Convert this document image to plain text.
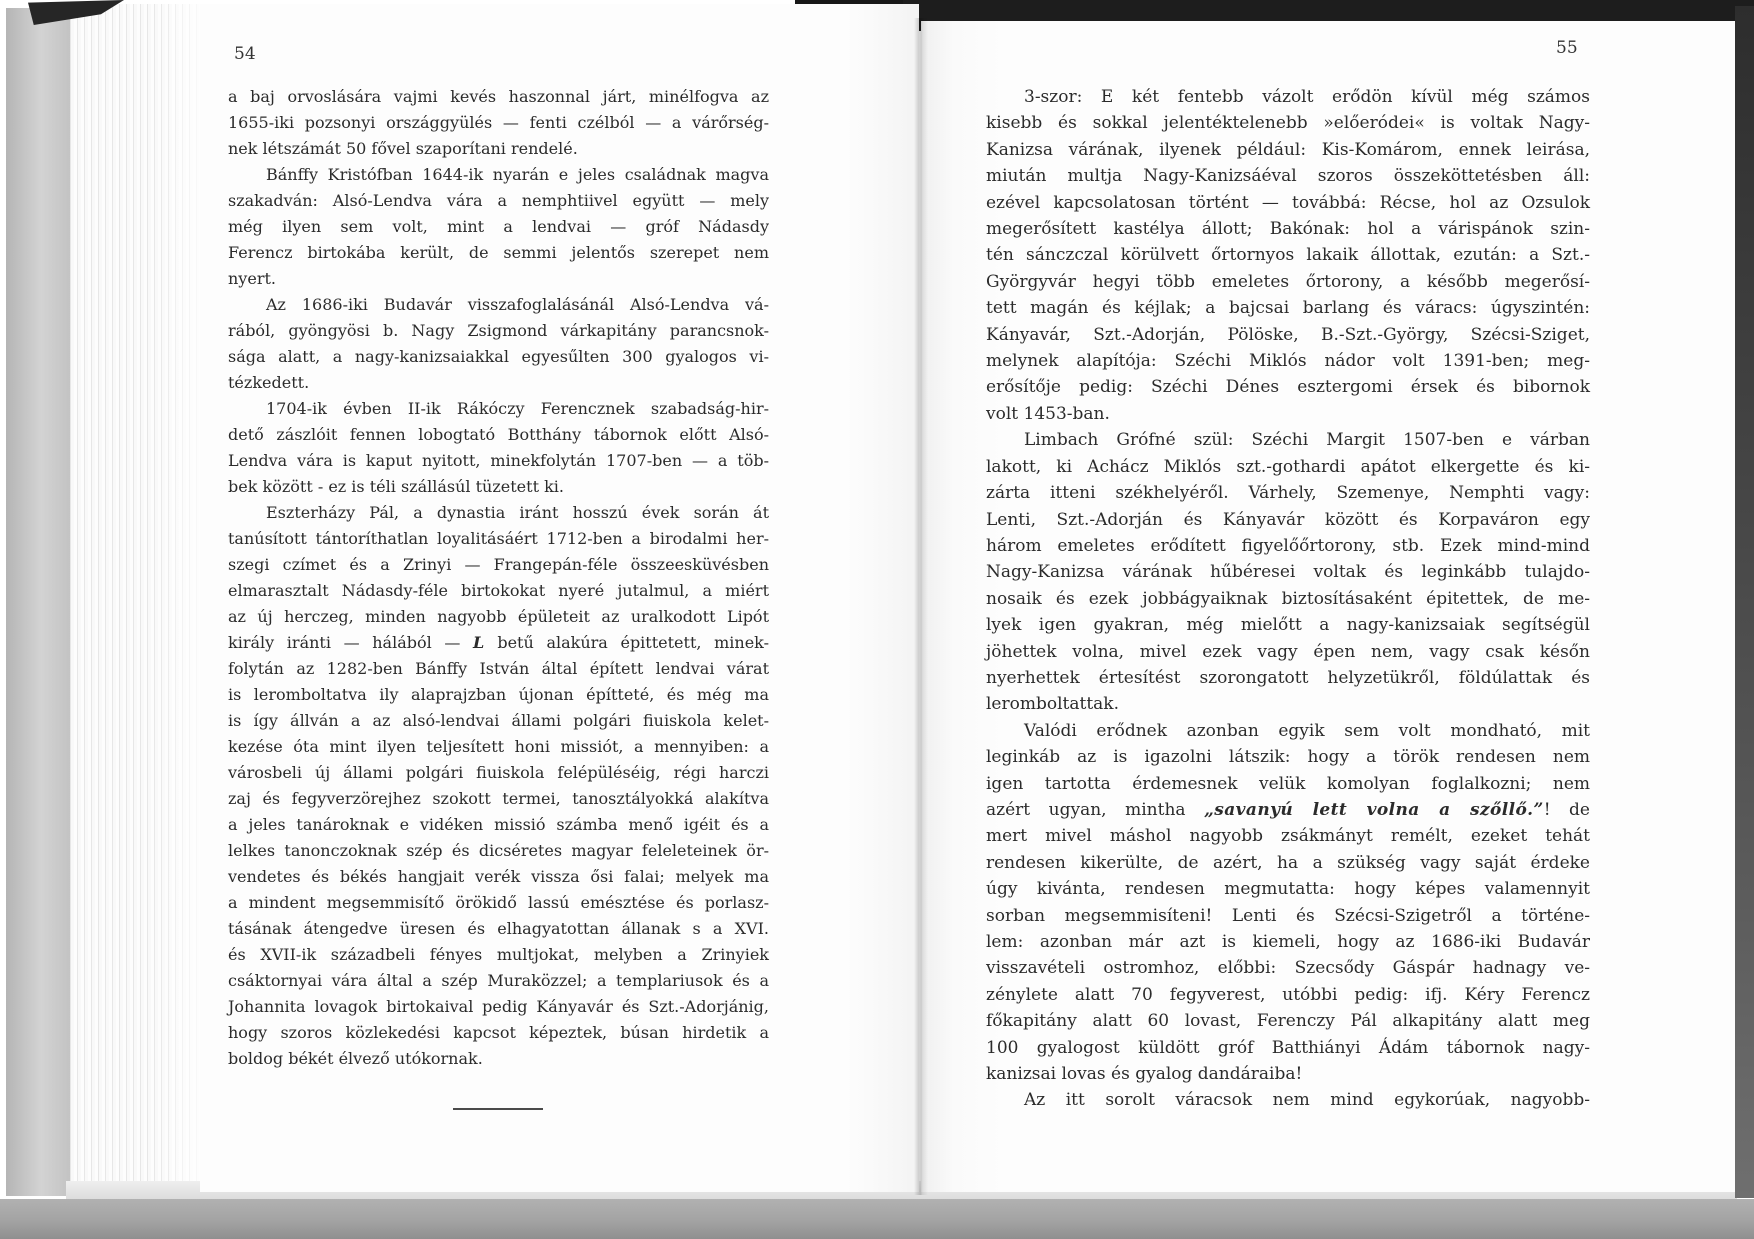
54	55
a baj orvoslására vajmi kevés haszonnal járt, minélfogva az
1655-iki pozsonyi országgyülés — fenti czélból — a várőrség-
nek létszámát 50 fővel szaporítani rendelé.
Bánffy Kristófban 1644-ik nyarán e jeles családnak magva
szakadván: Alsó-Lendva vára a nemphtiivel együtt — mely
még ilyen sem volt, mint a lendvai — gróf Nádasdy
Ferencz birtokába került, de semmi jelentős szerepet nem
nyert.
Az 1686-iki Budavár visszafoglalásánál Alsó-Lendva vá-
rából, gyöngyösi b. Nagy Zsigmond várkapitány parancsnok-
sága alatt, a nagy-kanizsaiakkal egyesűlten 300 gyalogos vi-
tézkedett.
1704-ik évben II-ik Rákóczy Ferencznek szabadság-hir-
dető zászlóit fennen lobogtató Botthány tábornok előtt Alsó-
Lendva vára is kaput nyitott, minekfolytán 1707-ben — a töb-
bek között - ez is téli szállásúl tüzetett ki.
Eszterházy Pál, a dynastia iránt hosszú évek során át
tanúsított tántoríthatlan loyalitásáért 1712-ben a birodalmi her-
szegi czímet és a Zrinyi — Frangepán-féle összeesküvésben
elmarasztalt Nádasdy-féle birtokokat nyeré jutalmul, a miért
az új herczeg, minden nagyobb épületeit az uralkodott Lipót
király iránti — hálából — L betű alakúra épittetett, minek-
folytán az 1282-ben Bánffy István által épített lendvai várat
is leromboltatva ily alaprajzban újonan építteté, és még ma
is így állván a az alsó-lendvai állami polgári fiuiskola kelet-
kezése óta mint ilyen teljesített honi missiót, a mennyiben: a
városbeli új állami polgári fiuiskola felépüléséig, régi harczi
zaj és fegyverzörejhez szokott termei, tanosztályokká alakítva
a jeles tanároknak e vidéken missió számba menő igéit és a
lelkes tanonczoknak szép és dicséretes magyar feleleteinek ör-
vendetes és békés hangjait verék vissza ősi falai; melyek ma
a mindent megsemmisítő örökidő lassú emésztése és porlasz-
tásának átengedve üresen és elhagyatottan állanak s a XVI.
és XVII-ik századbeli fényes multjokat, melyben a Zrinyiek
csáktornyai vára által a szép Muraközzel; a templariusok és a
Johannita lovagok birtokaival pedig Kányavár és Szt.-Adorjánig,
hogy szoros közlekedési kapcsot képeztek, búsan hirdetik a
boldog békét élvező utókornak.
3-szor: E két fentebb vázolt erődön kívül még számos
kisebb és sokkal jelentéktelenebb »előeródei« is voltak Nagy-
Kanizsa várának, ilyenek például: Kis-Komárom, ennek leirása,
miután multja Nagy-Kanizsáéval szoros összeköttetésben áll:
ezével kapcsolatosan történt — továbbá: Récse, hol az Ozsulok
megerősített kastélya állott; Bakónak: hol a várispánok szin-
tén sánczczal körülvett őrtornyos lakaik állottak, ezután: a Szt.-
Györgyvár hegyi több emeletes őrtorony, a később megerősí-
tett magán és kéjlak; a bajcsai barlang és váracs: úgyszintén:
Kányavár, Szt.-Adorján, Pölöske, B.-Szt.-György, Szécsi-Sziget,
melynek alapítója: Széchi Miklós nádor volt 1391-ben; meg-
erősítője pedig: Széchi Dénes esztergomi érsek és bibornok
volt 1453-ban.
Limbach Grófné szül: Széchi Margit 1507-ben e várban
lakott, ki Achácz Miklós szt.-gothardi apátot elkergette és ki-
zárta itteni székhelyéről. Várhely, Szemenye, Nemphti vagy:
Lenti, Szt.-Adorján és Kányavár között és Korpaváron egy
három emeletes erődített figyelőőrtorony, stb. Ezek mind-mind
Nagy-Kanizsa várának hűbéresei voltak és leginkább tulajdo-
nosaik és ezek jobbágyaiknak biztosításaként épitettek, de me-
lyek igen gyakran, még mielőtt a nagy-kanizsaiak segítségül
jöhettek volna, mivel ezek vagy épen nem, vagy csak későn
nyerhettek értesítést szorongatott helyzetükről, földúlattak és
leromboltattak.
Valódi erődnek azonban egyik sem volt mondható, mit
leginkáb az is igazolni látszik: hogy a török rendesen nem
igen tartotta érdemesnek velük komolyan foglalkozni; nem
azért ugyan, mintha „savanyú lett volna a szőllő.”! de
mert mivel máshol nagyobb zsákmányt remélt, ezeket tehát
rendesen kikerülte, de azért, ha a szükség vagy saját érdeke
úgy kivánta, rendesen megmutatta: hogy képes valamennyit
sorban megsemmisíteni! Lenti és Szécsi-Szigetről a történe-
lem: azonban már azt is kiemeli, hogy az 1686-iki Budavár
visszavételi ostromhoz, előbbi: Szecsődy Gáspár hadnagy ve-
zénylete alatt 70 fegyverest, utóbbi pedig: ifj. Kéry Ferencz
főkapitány alatt 60 lovast, Ferenczy Pál alkapitány alatt meg
100 gyalogost küldött gróf Batthiányi Ádám tábornok nagy-
kanizsai lovas és gyalog dandáraiba!
Az itt sorolt váracsok nem mind egykorúak, nagyobb-
